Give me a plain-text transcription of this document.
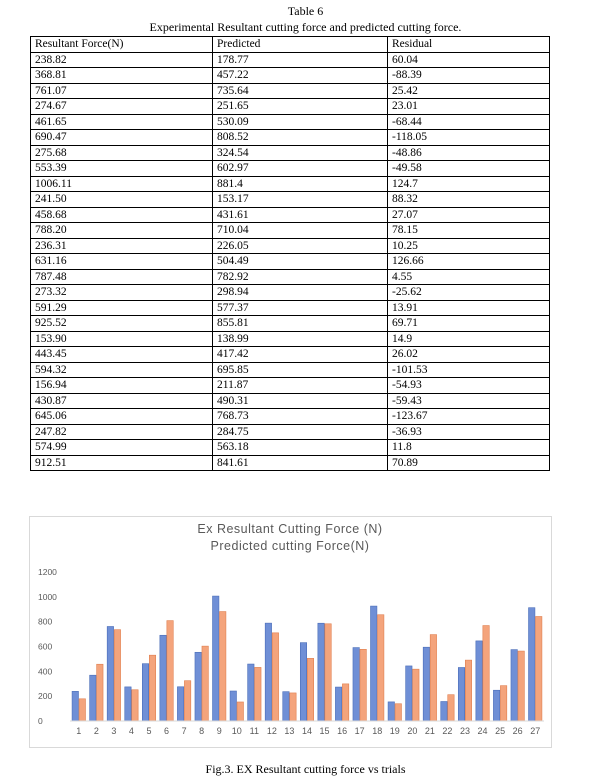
Table 6
Experimental Resultant cutting force and predicted cutting force.
Resultant Force(N)	Predicted	Residual
238.82	178.77	60.04
368.81	457.22	-88.39
761.07	735.64	25.42
274.67	251.65	23.01
461.65	530.09	-68.44
690.47	808.52	-118.05
275.68	324.54	-48.86
553.39	602.97	-49.58
1006.11	881.4	124.7
241.50	153.17	88.32
458.68	431.61	27.07
788.20	710.04	78.15
236.31	226.05	10.25
631.16	504.49	126.66
787.48	782.92	4.55
273.32	298.94	-25.62
591.29	577.37	13.91
925.52	855.81	69.71
153.90	138.99	14.9
443.45	417.42	26.02
594.32	695.85	-101.53
156.94	211.87	-54.93
430.87	490.31	-59.43
645.06	768.73	-123.67
247.82	284.75	-36.93
574.99	563.18	11.8
912.51	841.61	70.89
Ex Resultant Cutting Force (N)
Predicted cutting Force(N)
0
200
400
600
800
1000
1200
1 2 3 4 5 6 7 8 9 10 11 12 13 14 15 16 17 18 19 20 21 22 23 24 25 26 27
Fig.3. EX Resultant cutting force vs trials
